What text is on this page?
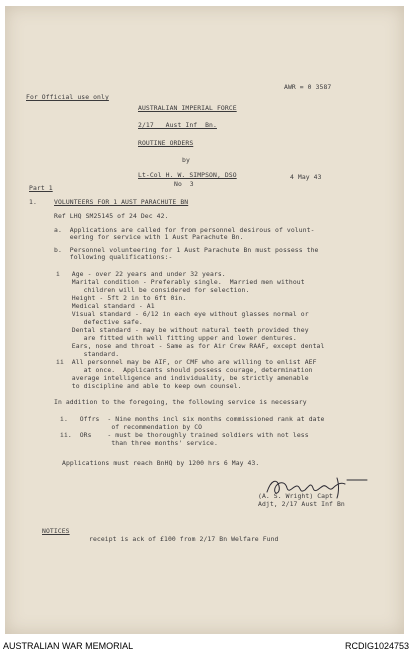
AWR = 0 3587
For Official use only
AUSTRALIAN IMPERIAL FORCE
2/17   Aust Inf  Bn.
ROUTINE ORDERS
by
Lt-Col H. W. SIMPSON, DSO	4 May 43
No  3
Part 1
1.	VOLUNTEERS FOR 1 AUST PARACHUTE BN
Ref LHQ SM25145 of 24 Dec 42.
a.  Applications are called for from personnel desirous of volunt-
eering for service with 1 Aust Parachute Bn.
b.  Personnel volunteering for 1 Aust Parachute Bn must possess the
following qualifications:-
i   Age - over 22 years and under 32 years.
Marital condition - Preferably single.  Married men without
children will be considered for selection.
Height - 5ft 2 in to 6ft 0in.
Medical standard - A1
Visual standard - 6/12 in each eye without glasses normal or
defective safe.
Dental standard - may be without natural teeth provided they
are fitted with well fitting upper and lower dentures.
Ears, nose and throat - Same as for Air Crew RAAF, except dental
standard.
ii  All personnel may be AIF, or CMF who are willing to enlist AEF
at once.  Applicants should possess courage, determination
average intelligence and individuality, be strictly amenable
to discipline and able to keep own counsel.
In addition to the foregoing, the following service is necessary
i.   Offrs  - Nine months incl six months commissioned rank at date
of recommendation by CO
ii.  ORs    - must be thoroughly trained soldiers with not less
than three months' service.
Applications must reach BnHQ by 1200 hrs 6 May 43.
(A. S. Wright) Capt
Adjt, 2/17 Aust Inf Bn
NOTICES
receipt is ack of £100 from 2/17 Bn Welfare Fund
AUSTRALIAN WAR MEMORIAL	RCDIG1024753
